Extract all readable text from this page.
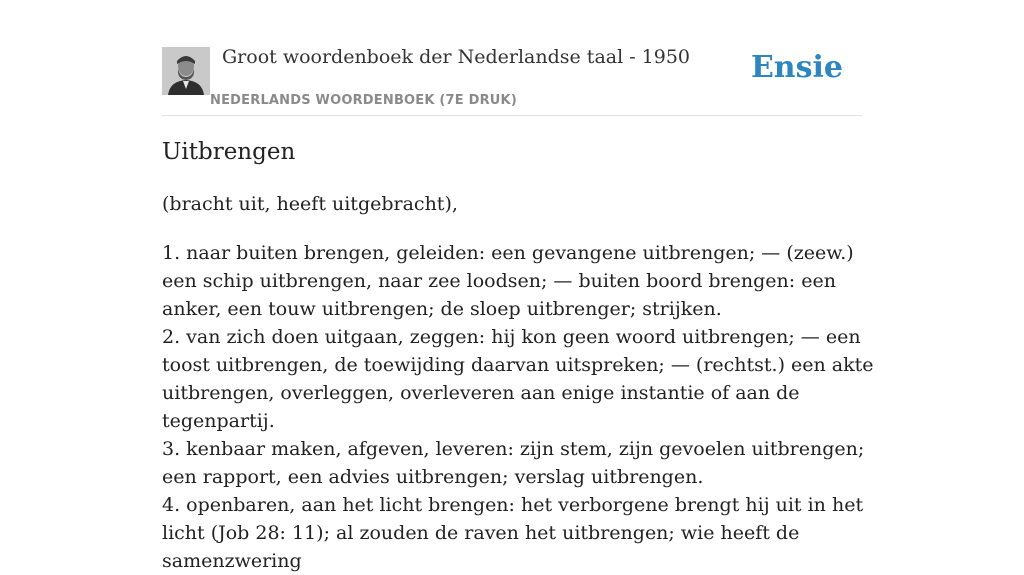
Groot woordenboek der Nederlandse taal - 1950
NEDERLANDS WOORDENBOEK (7E DRUK)
Ensie
Uitbrengen
(bracht uit, heeft uitgebracht),
1. naar buiten brengen, geleiden: een gevangene uitbrengen; — (zeew.) een schip uitbrengen, naar zee loodsen; — buiten boord brengen: een anker, een touw uitbrengen; de sloep uitbrenger; strijken.
2. van zich doen uitgaan, zeggen: hij kon geen woord uitbrengen; — een toost uitbrengen, de toewijding daarvan uitspreken; — (rechtst.) een akte uitbrengen, overleggen, overleveren aan enige instantie of aan de tegenpartij.
3. kenbaar maken, afgeven, leveren: zijn stem, zijn gevoelen uitbrengen; een rapport, een advies uitbrengen; verslag uitbrengen.
4. openbaren, aan het licht brengen: het verborgene brengt hij uit in het licht (Job 28: 11); al zouden de raven het uitbrengen; wie heeft de samenzwering
